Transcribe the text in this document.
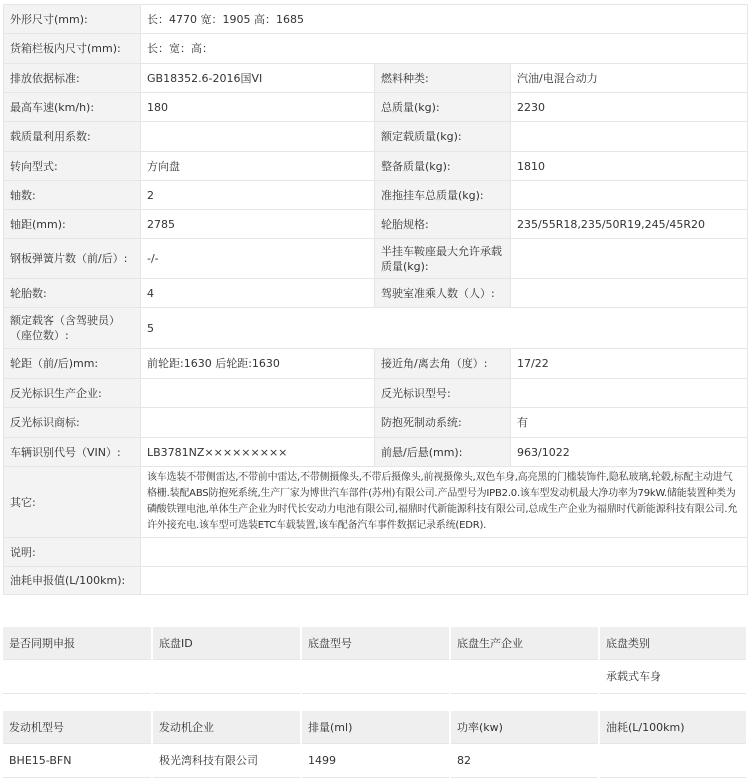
外形尺寸(mm):	长：4770 宽：1905 高：1685		
货箱栏板内尺寸(mm):	长：宽：高：		
排放依据标准:	GB18352.6-2016国VI	燃料种类:	汽油/电混合动力
最高车速(km/h):	180	总质量(kg):	2230
载质量利用系数:		额定载质量(kg):	
转向型式:	方向盘	整备质量(kg):	1810
轴数:	2	准拖挂车总质量(kg):	
轴距(mm):	2785	轮胎规格:	235/55R18,235/50R19,245/45R20
钢板弹簧片数（前/后）:	-/-	半挂车鞍座最大允许承载质量(kg):	
轮胎数:	4	驾驶室准乘人数（人）:	
额定载客（含驾驶员）（座位数）:	5		
轮距（前/后)mm:	前轮距:1630 后轮距:1630	接近角/离去角（度）:	17/22
反光标识生产企业:		反光标识型号:	
反光标识商标:		防抱死制动系统:	有
车辆识别代号（VIN）:	LB3781NZ×××××××××	前悬/后悬(mm):	963/1022
其它:	该车选装不带侧雷达,不带前中雷达,不带侧摄像头,不带后摄像头,前视摄像头,双色车身,高亮黑的门槛装饰件,隐私玻璃,轮毂,标配主动进气格栅.装配ABS防抱死系统,生产厂家为博世汽车部件(苏州)有限公司.产品型号为IPB2.0.该车型发动机最大净功率为79kW.储能装置种类为磷酸铁锂电池,单体生产企业为时代长安动力电池有限公司,福鼎时代新能源科技有限公司,总成生产企业为福鼎时代新能源科技有限公司.允许外接充电.该车型可选装ETC车载装置,该车配备汽车事件数据记录系统(EDR).		
说明:			
油耗申报值(L/100km):			
是否同期申报	底盘ID	底盘型号	底盘生产企业	底盘类别
				承载式车身
发动机型号	发动机企业	排量(ml)	功率(kw)	油耗(L/100km)
BHE15-BFN	极光湾科技有限公司	1499	82	
